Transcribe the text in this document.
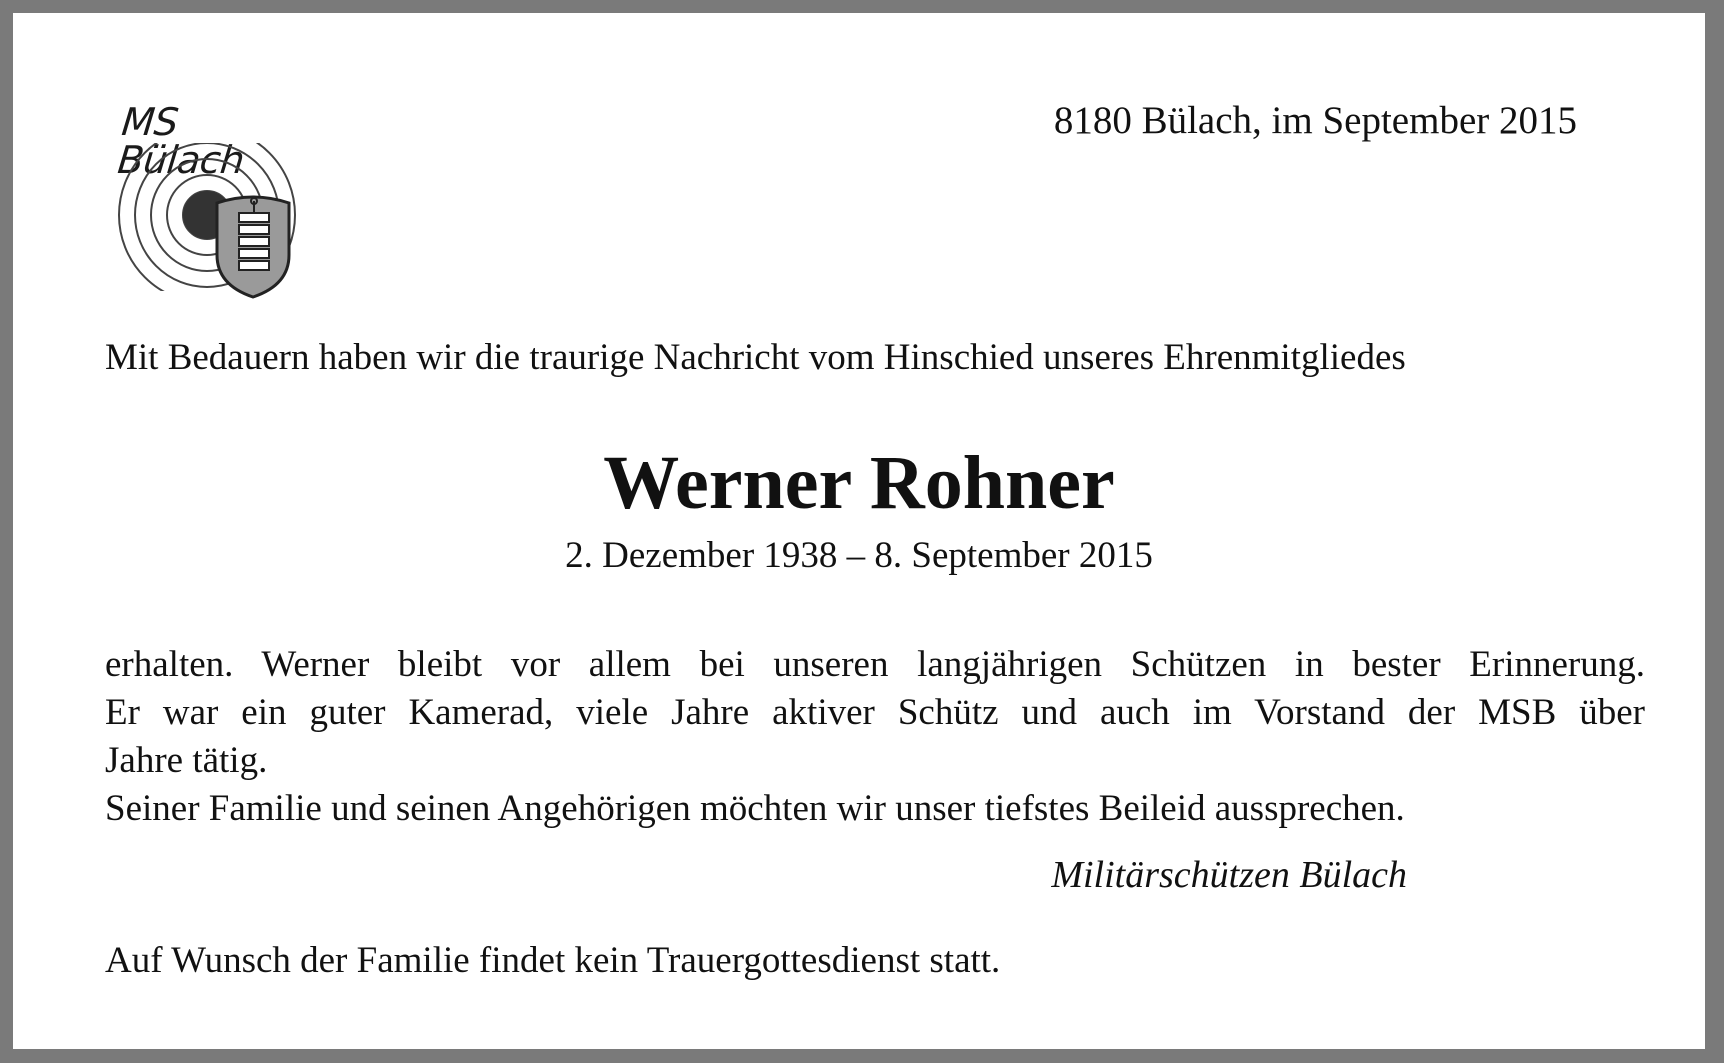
MS Bülach
8180 Bülach, im September 2015
Mit Bedauern haben wir die traurige Nachricht vom Hinschied unseres Ehrenmitgliedes
Werner Rohner
2. Dezember 1938 – 8. September 2015

erhalten. Werner bleibt vor allem bei unseren langjährigen Schützen in bester Erinnerung.

Er war ein guter Kamerad, viele Jahre aktiver Schütz und auch im Vorstand der MSB über

Jahre tätig.

Seiner Familie und seinen Angehörigen möchten wir unser tiefstes Beileid aussprechen.

Militärschützen Bülach
Auf Wunsch der Familie findet kein Trauergottesdienst statt.
